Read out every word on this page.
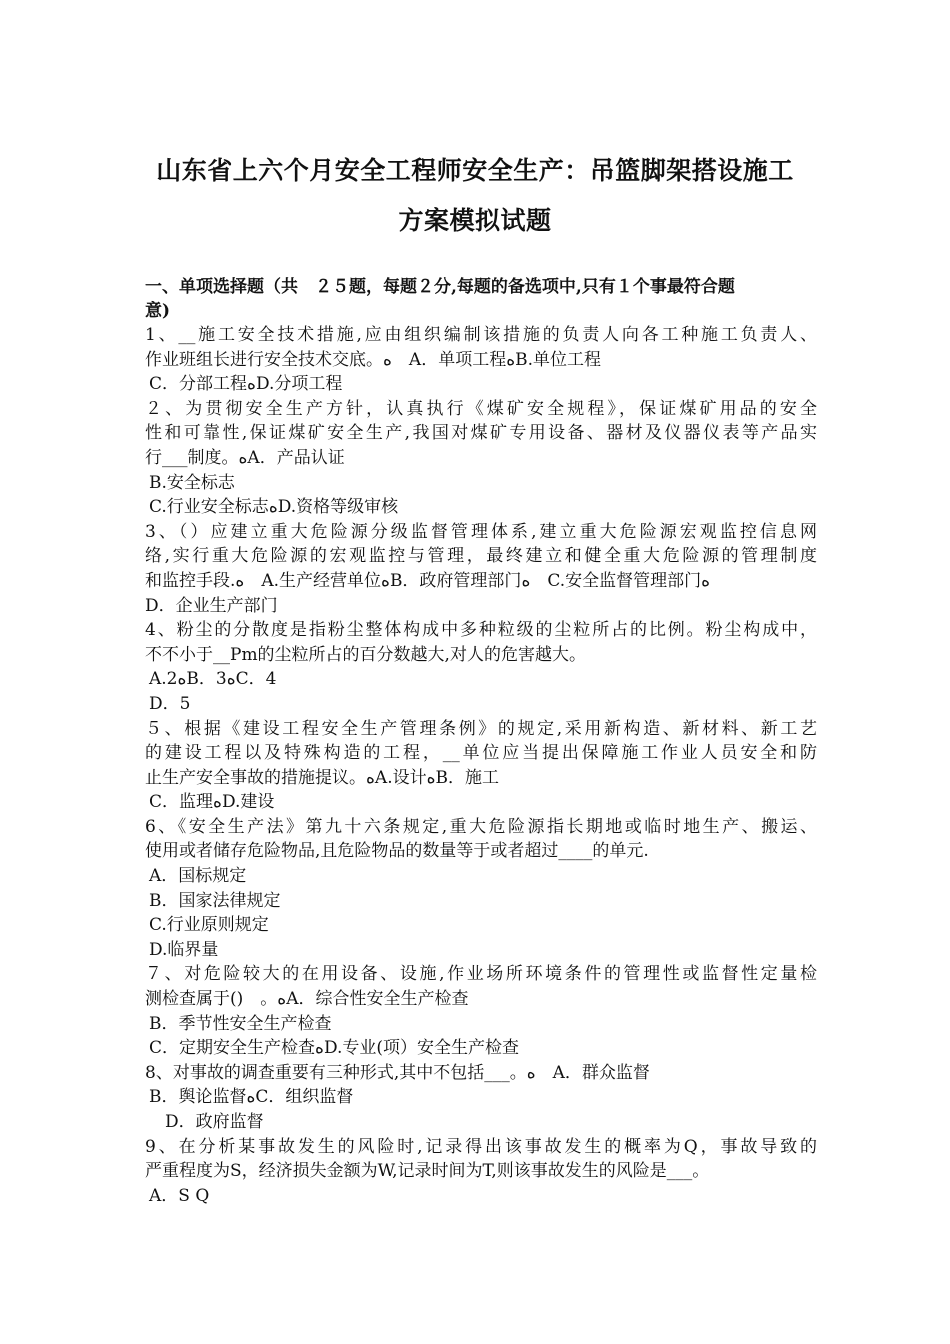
山东省上六个月安全工程师安全生产：吊篮脚架搭设施工
方案模拟试题
一、单项选择题（共　２５题，每题２分,每题的备选项中,只有１个事最符合题
意)
1、__施工安全技术措施,应由组织编制该措施的负责人向各工种施工负责人、
作业班组长进行安全技术交底。ﻩ　A．单项工程ﻩB.单位工程
C．分部工程ﻩD.分项工程
２、为贯彻安全生产方针，认真执行《煤矿安全规程》，保证煤矿用品的安全
性和可靠性,保证煤矿安全生产,我国对煤矿专用设备、器材及仪器仪表等产品实
行___制度。ﻩA．产品认证
B.安全标志
C.行业安全标志ﻩD.资格等级审核
3、（）应建立重大危险源分级监督管理体系,建立重大危险源宏观监控信息网
络,实行重大危险源的宏观监控与管理，最终建立和健全重大危险源的管理制度
和监控手段.ﻩ　A.生产经营单位ﻩB．政府管理部门ﻩ　C.安全监督管理部门ﻩ
D．企业生产部门
4、粉尘的分散度是指粉尘整体构成中多种粒级的尘粒所占的比例。粉尘构成中，
不不小于__Pm的尘粒所占的百分数越大,对人的危害越大。
A.2ﻩB．3ﻩC．4
D．5
５、根据《建设工程安全生产管理条例》的规定,采用新构造、新材料、新工艺
的建设工程以及特殊构造的工程，__单位应当提出保障施工作业人员安全和防
止生产安全事故的措施提议。ﻩA.设计ﻩB．施工
C．监理ﻩD.建设
6、《安全生产法》第九十六条规定,重大危险源指长期地或临时地生产、搬运、
使用或者储存危险物品,且危险物品的数量等于或者超过____的单元.
A．国标规定
B．国家法律规定
C.行业原则规定
D.临界量
７、对危险较大的在用设备、设施,作业场所环境条件的管理性或监督性定量检
测检查属于()　。ﻩA．综合性安全生产检查
B．季节性安全生产检查
C．定期安全生产检查ﻩD.专业(项）安全生产检查
8、对事故的调查重要有三种形式,其中不包括___。ﻩ　A．群众监督
B．舆论监督ﻩC．组织监督
D．政府监督
9、在分析某事故发生的风险时,记录得出该事故发生的概率为Q，事故导致的
严重程度为S，经济损失金额为W,记录时间为T,则该事故发生的风险是___。
A．S Q
